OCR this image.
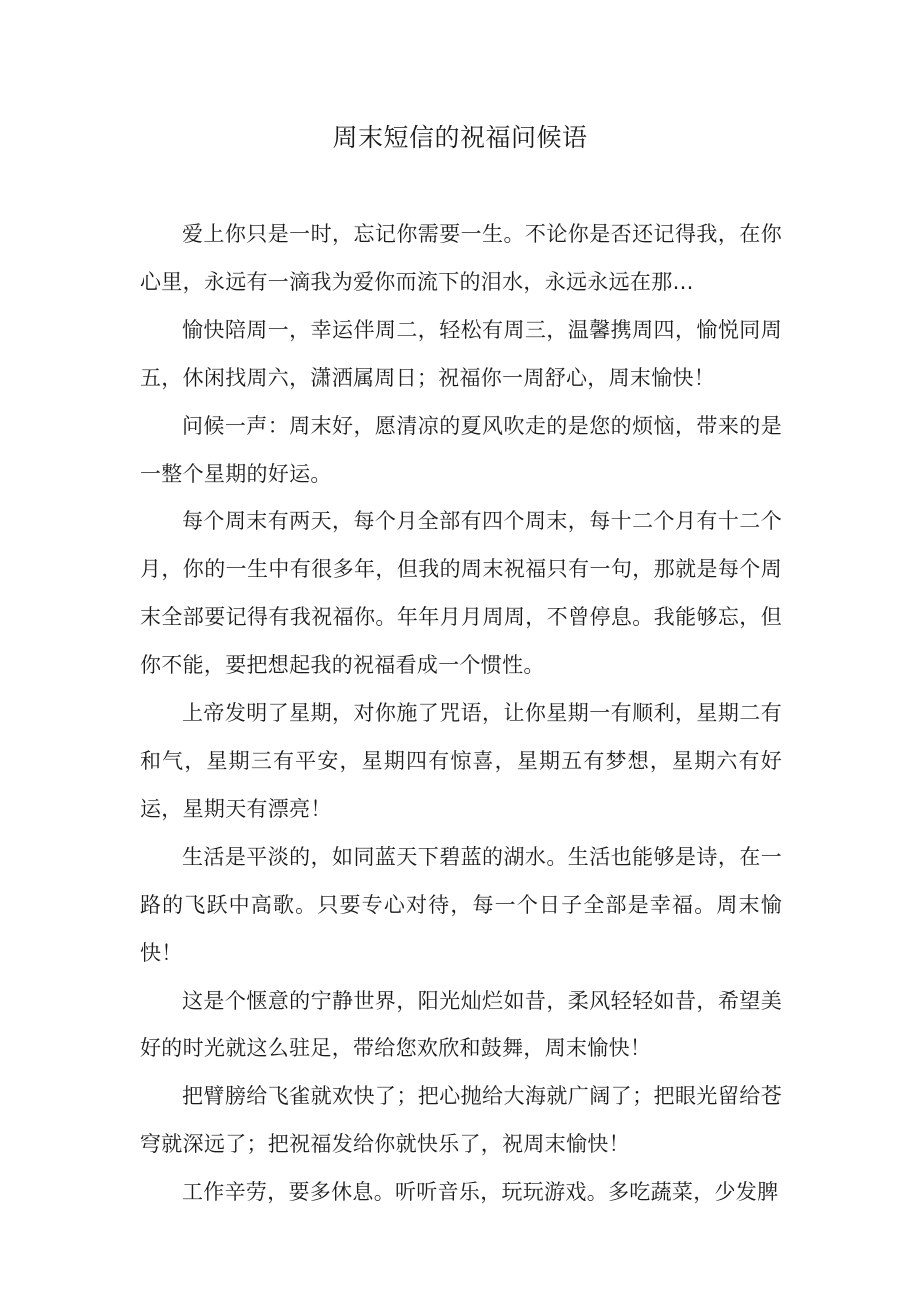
周末短信的祝福问候语

爱上你只是一时，忘记你需要一生。不论你是否还记得我，在你心里，永远有一滴我为爱你而流下的泪水，永远永远在那…

愉快陪周一，幸运伴周二，轻松有周三，温馨携周四，愉悦同周五，休闲找周六，潇洒属周日；祝福你一周舒心，周末愉快！

问候一声：周末好，愿清凉的夏风吹走的是您的烦恼，带来的是一整个星期的好运。

每个周末有两天，每个月全部有四个周末，每十二个月有十二个月，你的一生中有很多年，但我的周末祝福只有一句，那就是每个周末全部要记得有我祝福你。年年月月周周，不曾停息。我能够忘，但你不能，要把想起我的祝福看成一个惯性。

上帝发明了星期，对你施了咒语，让你星期一有顺利，星期二有和气，星期三有平安，星期四有惊喜，星期五有梦想，星期六有好运，星期天有漂亮！

生活是平淡的，如同蓝天下碧蓝的湖水。生活也能够是诗，在一路的飞跃中高歌。只要专心对待，每一个日子全部是幸福。周末愉快！

这是个惬意的宁静世界，阳光灿烂如昔，柔风轻轻如昔，希望美好的时光就这么驻足，带给您欢欣和鼓舞，周末愉快！

把臂膀给飞雀就欢快了；把心抛给大海就广阔了；把眼光留给苍穹就深远了；把祝福发给你就快乐了，祝周末愉快！

工作辛劳，要多休息。听听音乐，玩玩游戏。多吃蔬菜，少发脾
